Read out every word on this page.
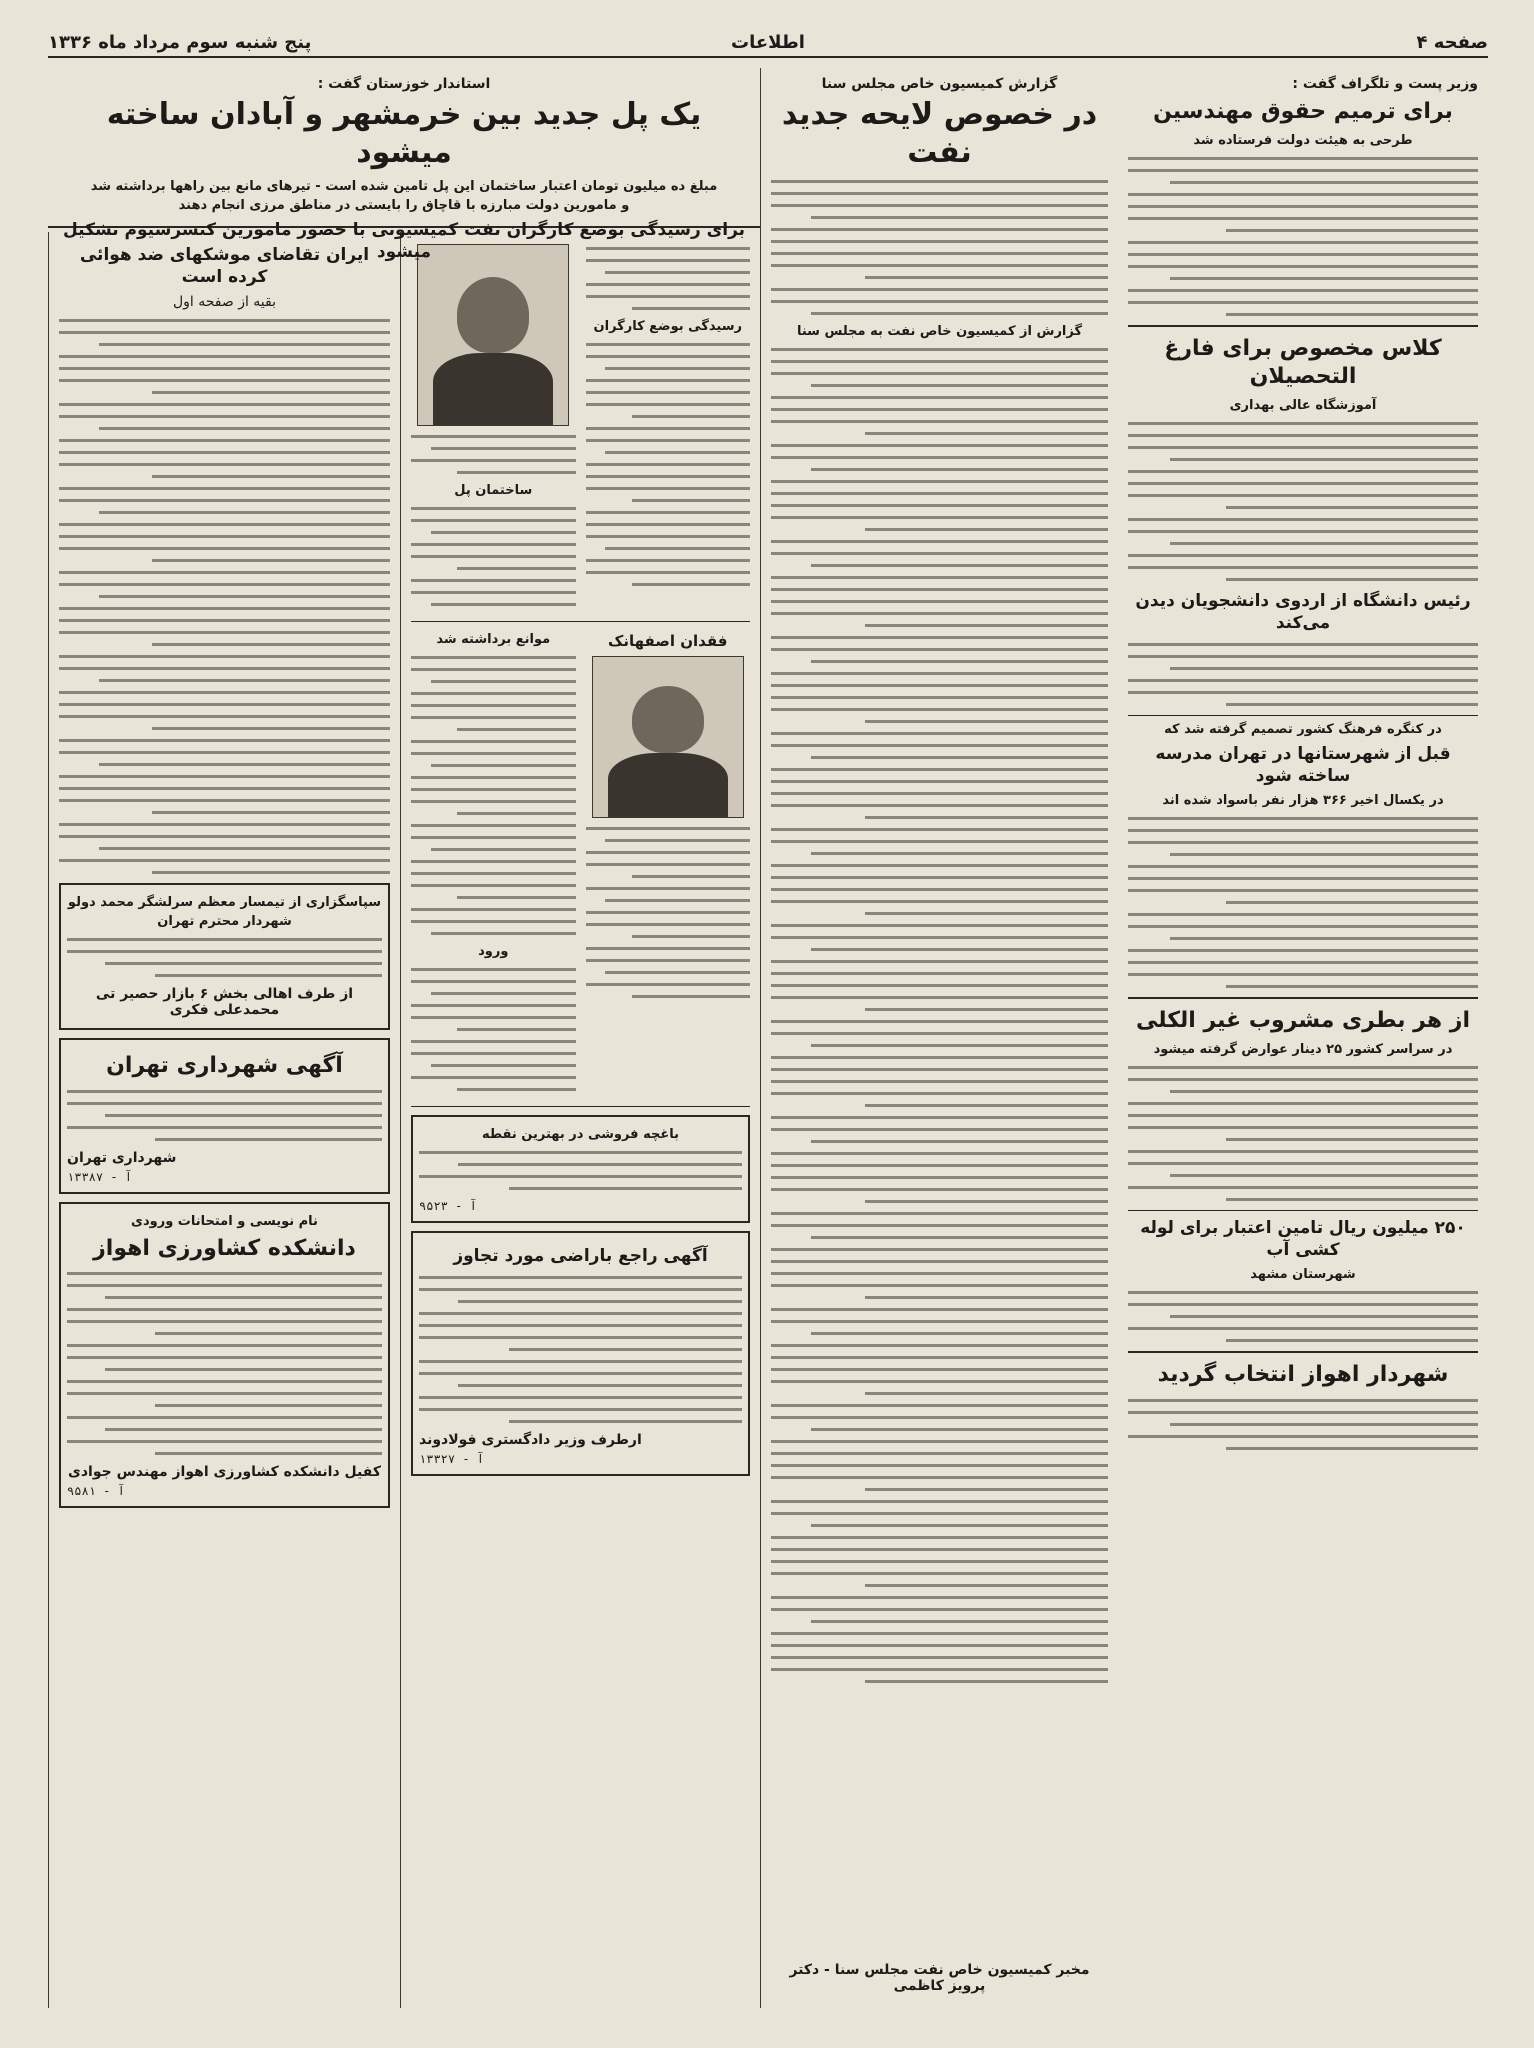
صفحه ۴
اطلاعات
پنج شنبه سوم مرداد ماه ۱۳۳۶
وزیر پست و تلگراف گفت :
برای ترمیم حقوق مهندسین
طرحی به هیئت دولت فرستاده شد
کلاس مخصوص برای فارغ التحصیلان
آموزشگاه عالی بهداری
رئیس دانشگاه از اردوی دانشجویان دیدن می‌کند
در کنگره فرهنگ کشور تصمیم گرفته شد که
قبل از شهرستانها در تهران مدرسه ساخته شود
در یکسال اخیر ۳۶۶ هزار نفر باسواد شده اند
از هر بطری مشروب غیر الکلی
در سراسر کشور ۲۵ دینار عوارض گرفته میشود
۲۵۰ میلیون ریال تامین اعتبار برای لوله کشی آب
شهرستان مشهد
شهردار اهواز انتخاب گردید
گزارش کمیسیون خاص مجلس سنا
در خصوص لایحه جدید نفت
گزارش از کمیسیون خاص نفت به مجلس سنا
مخبر کمیسیون خاص نفت مجلس سنا - دکتر پرویز کاظمی
استاندار خوزستان گفت :
یک پل جدید بین خرمشهر و آبادان ساخته میشود
مبلغ ده میلیون تومان اعتبار ساختمان این پل تامین شده است - تیرهای مانع بین راهها برداشته شد
و مامورین دولت مبارزه با قاچاق را بایستی در مناطق مرزی انجام دهند
برای رسیدگی بوضع کارگران نفت کمیسیونی با حضور مامورین کنسرسیوم تشکیل میشود
رسیدگی بوضع کارگران
ساختمان پل
فقدان اصفهانک
موانع برداشته شد
ورود
باغچه فروشی در بهترین نقطه
۹۵۲۳ - آ
آگهی راجع باراضی مورد تجاوز
ارطرف وزیر دادگستری فولادوند
۱۳۳۲۷ - آ
ایران تقاضای موشکهای ضد هوائی کرده است
بقیه از صفحه اول
سپاسگزاری از تیمسار معظم سرلشگر محمد دولو
شهردار محترم تهران
از طرف اهالی بخش ۶ بازار حصیر تی محمدعلی فکری
آگهی شهرداری تهران
شهرداری تهران
۱۳۳۸۷ - آ
نام نویسی و امتحانات ورودی
دانشکده کشاورزی اهواز
کفیل دانشکده کشاورزی اهواز مهندس جوادی
۹۵۸۱ - آ
